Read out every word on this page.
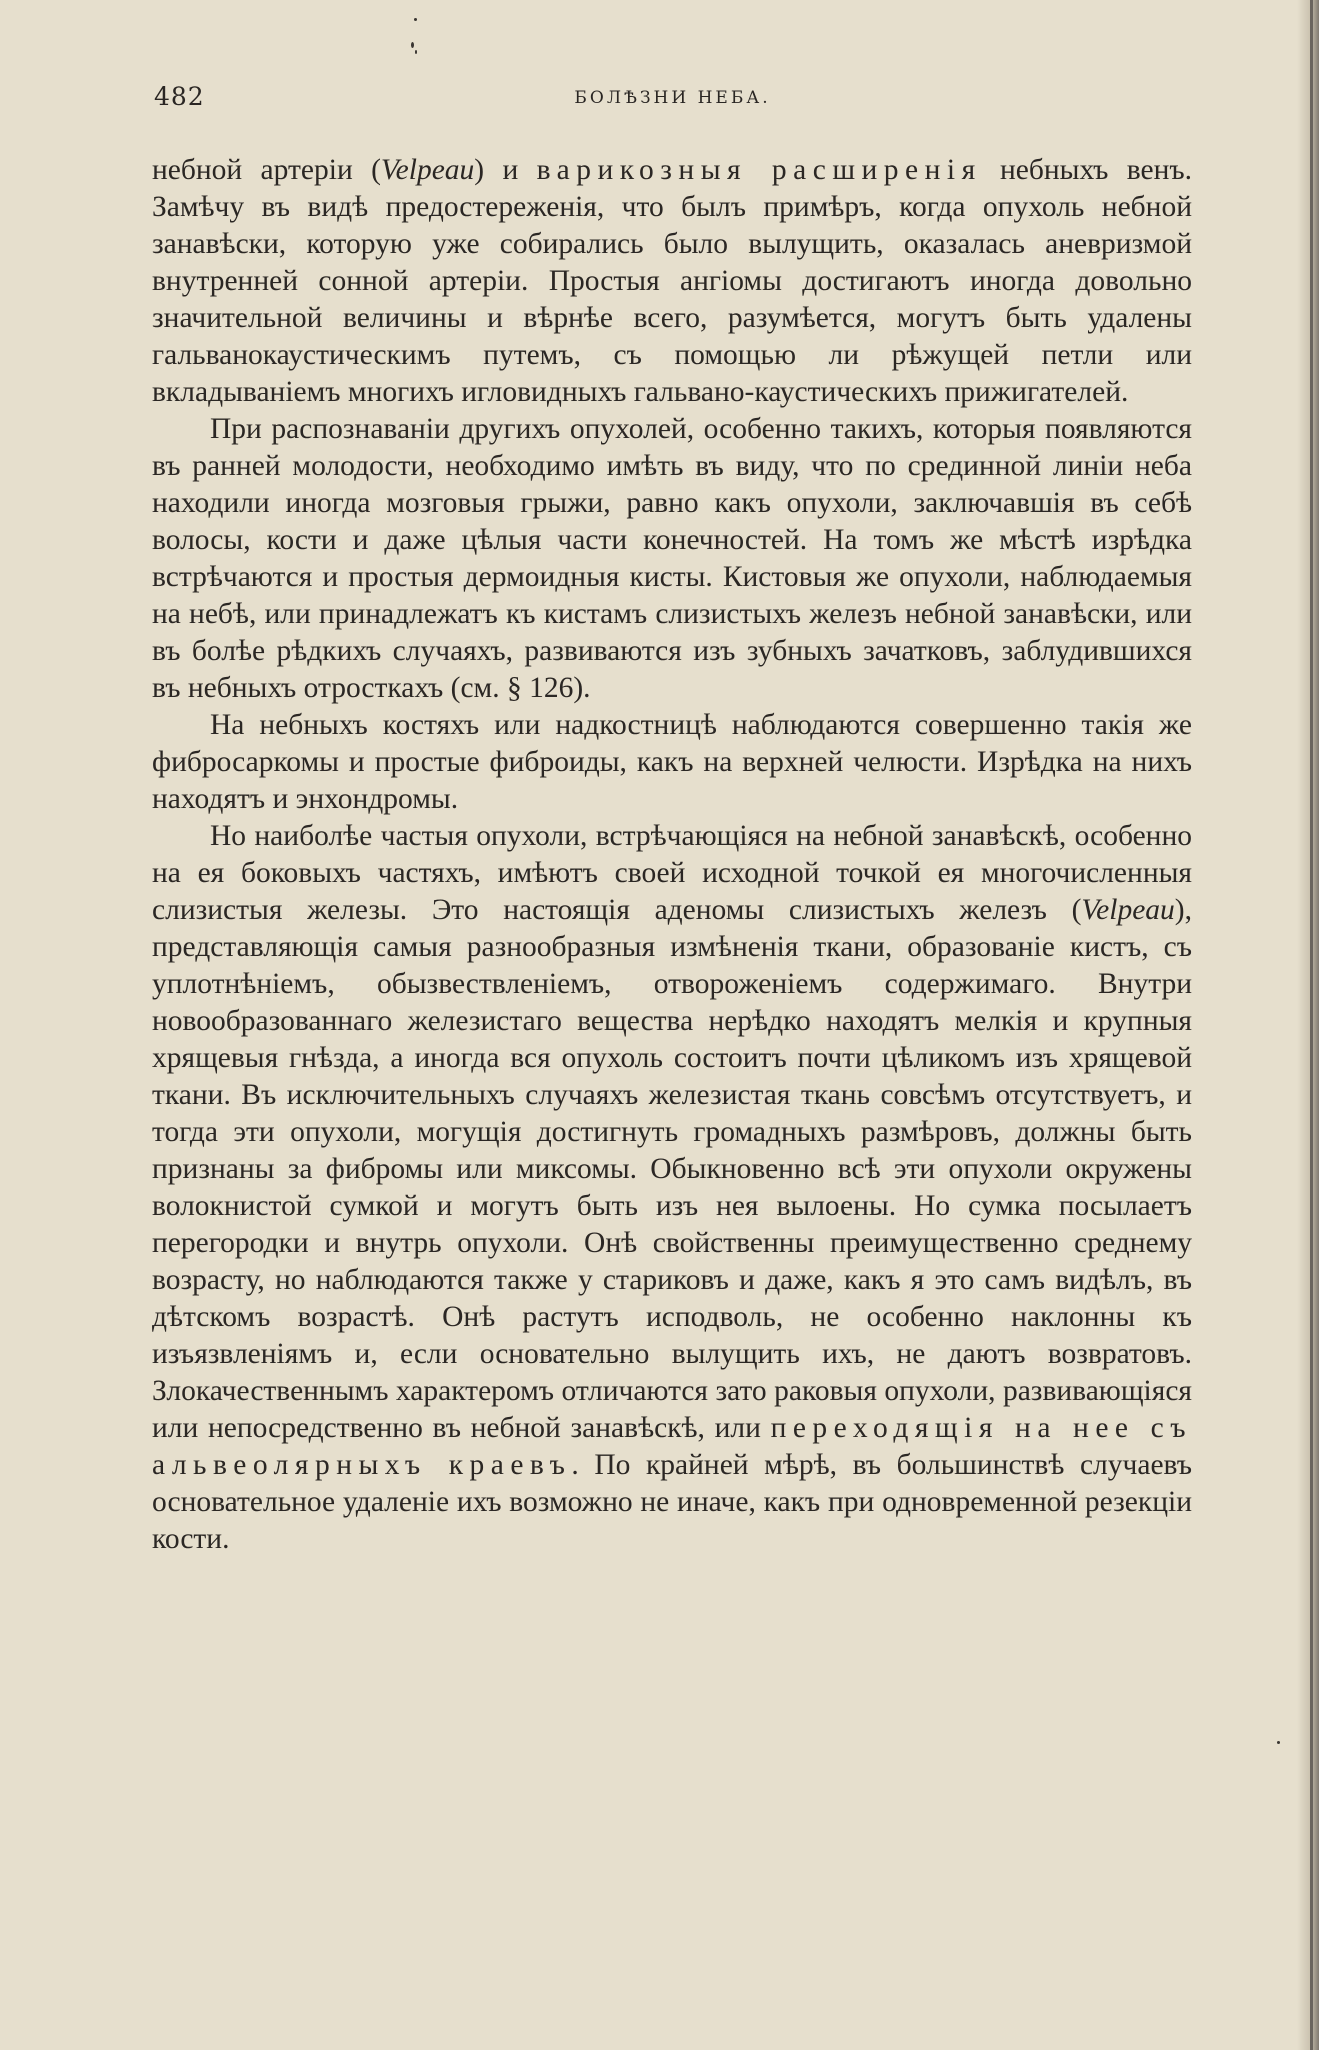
482	БОЛѢЗНИ НЕБА.

небной артеріи (Velpeau) и варикозныя расширенія небныхъ венъ. Замѣчу въ видѣ предостереженія, что былъ примѣръ, когда опухоль небной занавѣски, которую уже собирались было вылущить, оказалась аневризмой внутренней сонной артеріи. Простыя ангіомы достигаютъ иногда довольно значительной величины и вѣрнѣе всего, разумѣется, могутъ быть удалены гальванокаустическимъ путемъ, съ помощью ли рѣжущей петли или вкладываніемъ многихъ игловидныхъ гальвано-каустическихъ прижигателей.

При распознаваніи другихъ опухолей, особенно такихъ, которыя появляются въ ранней молодости, необходимо имѣть въ виду, что по срединной линіи неба находили иногда мозговыя грыжи, равно какъ опухоли, заключавшія въ себѣ волосы, кости и даже цѣлыя части конечностей. На томъ же мѣстѣ изрѣдка встрѣчаются и простыя дермоидныя кисты. Кистовыя же опухоли, наблюдаемыя на небѣ, или принадлежатъ къ кистамъ слизистыхъ железъ небной занавѣски, или въ болѣе рѣдкихъ случаяхъ, развиваются изъ зубныхъ зачатковъ, заблудившихся въ небныхъ отросткахъ (см. § 126).

На небныхъ костяхъ или надкостницѣ наблюдаются совершенно такія же фибросаркомы и простые фиброиды, какъ на верхней челюсти. Изрѣдка на нихъ находятъ и энхондромы.

Но наиболѣе частыя опухоли, встрѣчающіяся на небной занавѣскѣ, особенно на ея боковыхъ частяхъ, имѣютъ своей исходной точкой ея многочисленныя слизистыя железы. Это настоящія аденомы слизистыхъ железъ (Velpeau), представляющія самыя разнообразныя измѣненія ткани, образованіе кистъ, съ уплотнѣніемъ, обызвествленіемъ, отвороженіемъ содержимаго. Внутри новообразованнаго железистаго вещества нерѣдко находятъ мелкія и крупныя хрящевыя гнѣзда, а иногда вся опухоль состоитъ почти цѣликомъ изъ хрящевой ткани. Въ исключительныхъ случаяхъ железистая ткань совсѣмъ отсутствуетъ, и тогда эти опухоли, могущія достигнуть громадныхъ размѣровъ, должны быть признаны за фибромы или миксомы. Обыкновенно всѣ эти опухоли окружены волокнистой сумкой и могутъ быть изъ нея вылоены. Но сумка посылаетъ перегородки и внутрь опухоли. Онѣ свойственны преимущественно среднему возрасту, но наблюдаются также у стариковъ и даже, какъ я это самъ видѣлъ, въ дѣтскомъ возрастѣ. Онѣ растутъ исподволь, не особенно наклонны къ изъязвленіямъ и, если основательно вылущить ихъ, не даютъ возвратовъ. Злокачественнымъ характеромъ отличаются зато раковыя опухоли, развивающіяся или непосредственно въ небной занавѣскѣ, или переходящія на нее съ альвеолярныхъ краевъ. По крайней мѣрѣ, въ большинствѣ случаевъ основательное удаленіе ихъ возможно не иначе, какъ при одновременной резекціи кости.
